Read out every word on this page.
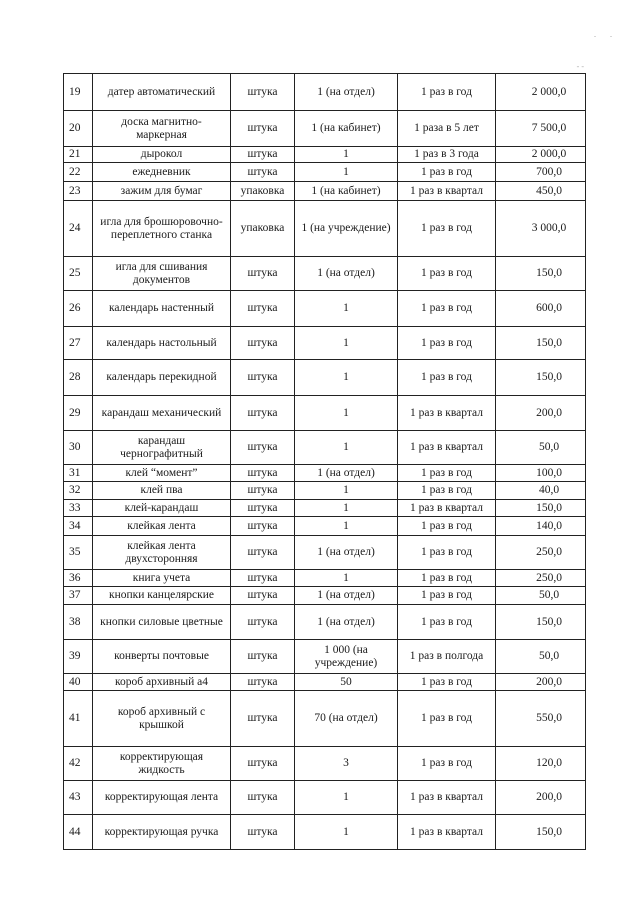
. .
- -
19	датер автоматический	штука	1 (на отдел)	1 раз в год	2 000,0
20	доска магнитно-маркерная	штука	1 (на кабинет)	1 раза в 5 лет	7 500,0
21	дырокол	штука	1	1 раз в 3 года	2 000,0
22	ежедневник	штука	1	1 раз в год	700,0
23	зажим для бумаг	упаковка	1 (на кабинет)	1 раз в квартал	450,0
24	игла для брошюровочно-переплетного станка	упаковка	1 (на учреждение)	1 раз в год	3 000,0
25	игла для сшивания документов	штука	1 (на отдел)	1 раз в год	150,0
26	календарь настенный	штука	1	1 раз в год	600,0
27	календарь настольный	штука	1	1 раз в год	150,0
28	календарь перекидной	штука	1	1 раз в год	150,0
29	карандаш механический	штука	1	1 раз в квартал	200,0
30	карандаш чернографитный	штука	1	1 раз в квартал	50,0
31	клей “момент”	штука	1 (на отдел)	1 раз в год	100,0
32	клей пва	штука	1	1 раз в год	40,0
33	клей-карандаш	штука	1	1 раз в квартал	150,0
34	клейкая лента	штука	1	1 раз в год	140,0
35	клейкая лента двухсторонняя	штука	1 (на отдел)	1 раз в год	250,0
36	книга учета	штука	1	1 раз в год	250,0
37	кнопки канцелярские	штука	1 (на отдел)	1 раз в год	50,0
38	кнопки силовые цветные	штука	1 (на отдел)	1 раз в год	150,0
39	конверты почтовые	штука	1 000 (на учреждение)	1 раз в полгода	50,0
40	короб архивный а4	штука	50	1 раз в год	200,0
41	короб архивный с крышкой	штука	70 (на отдел)	1 раз в год	550,0
42	корректирующая жидкость	штука	3	1 раз в год	120,0
43	корректирующая лента	штука	1	1 раз в квартал	200,0
44	корректирующая ручка	штука	1	1 раз в квартал	150,0
